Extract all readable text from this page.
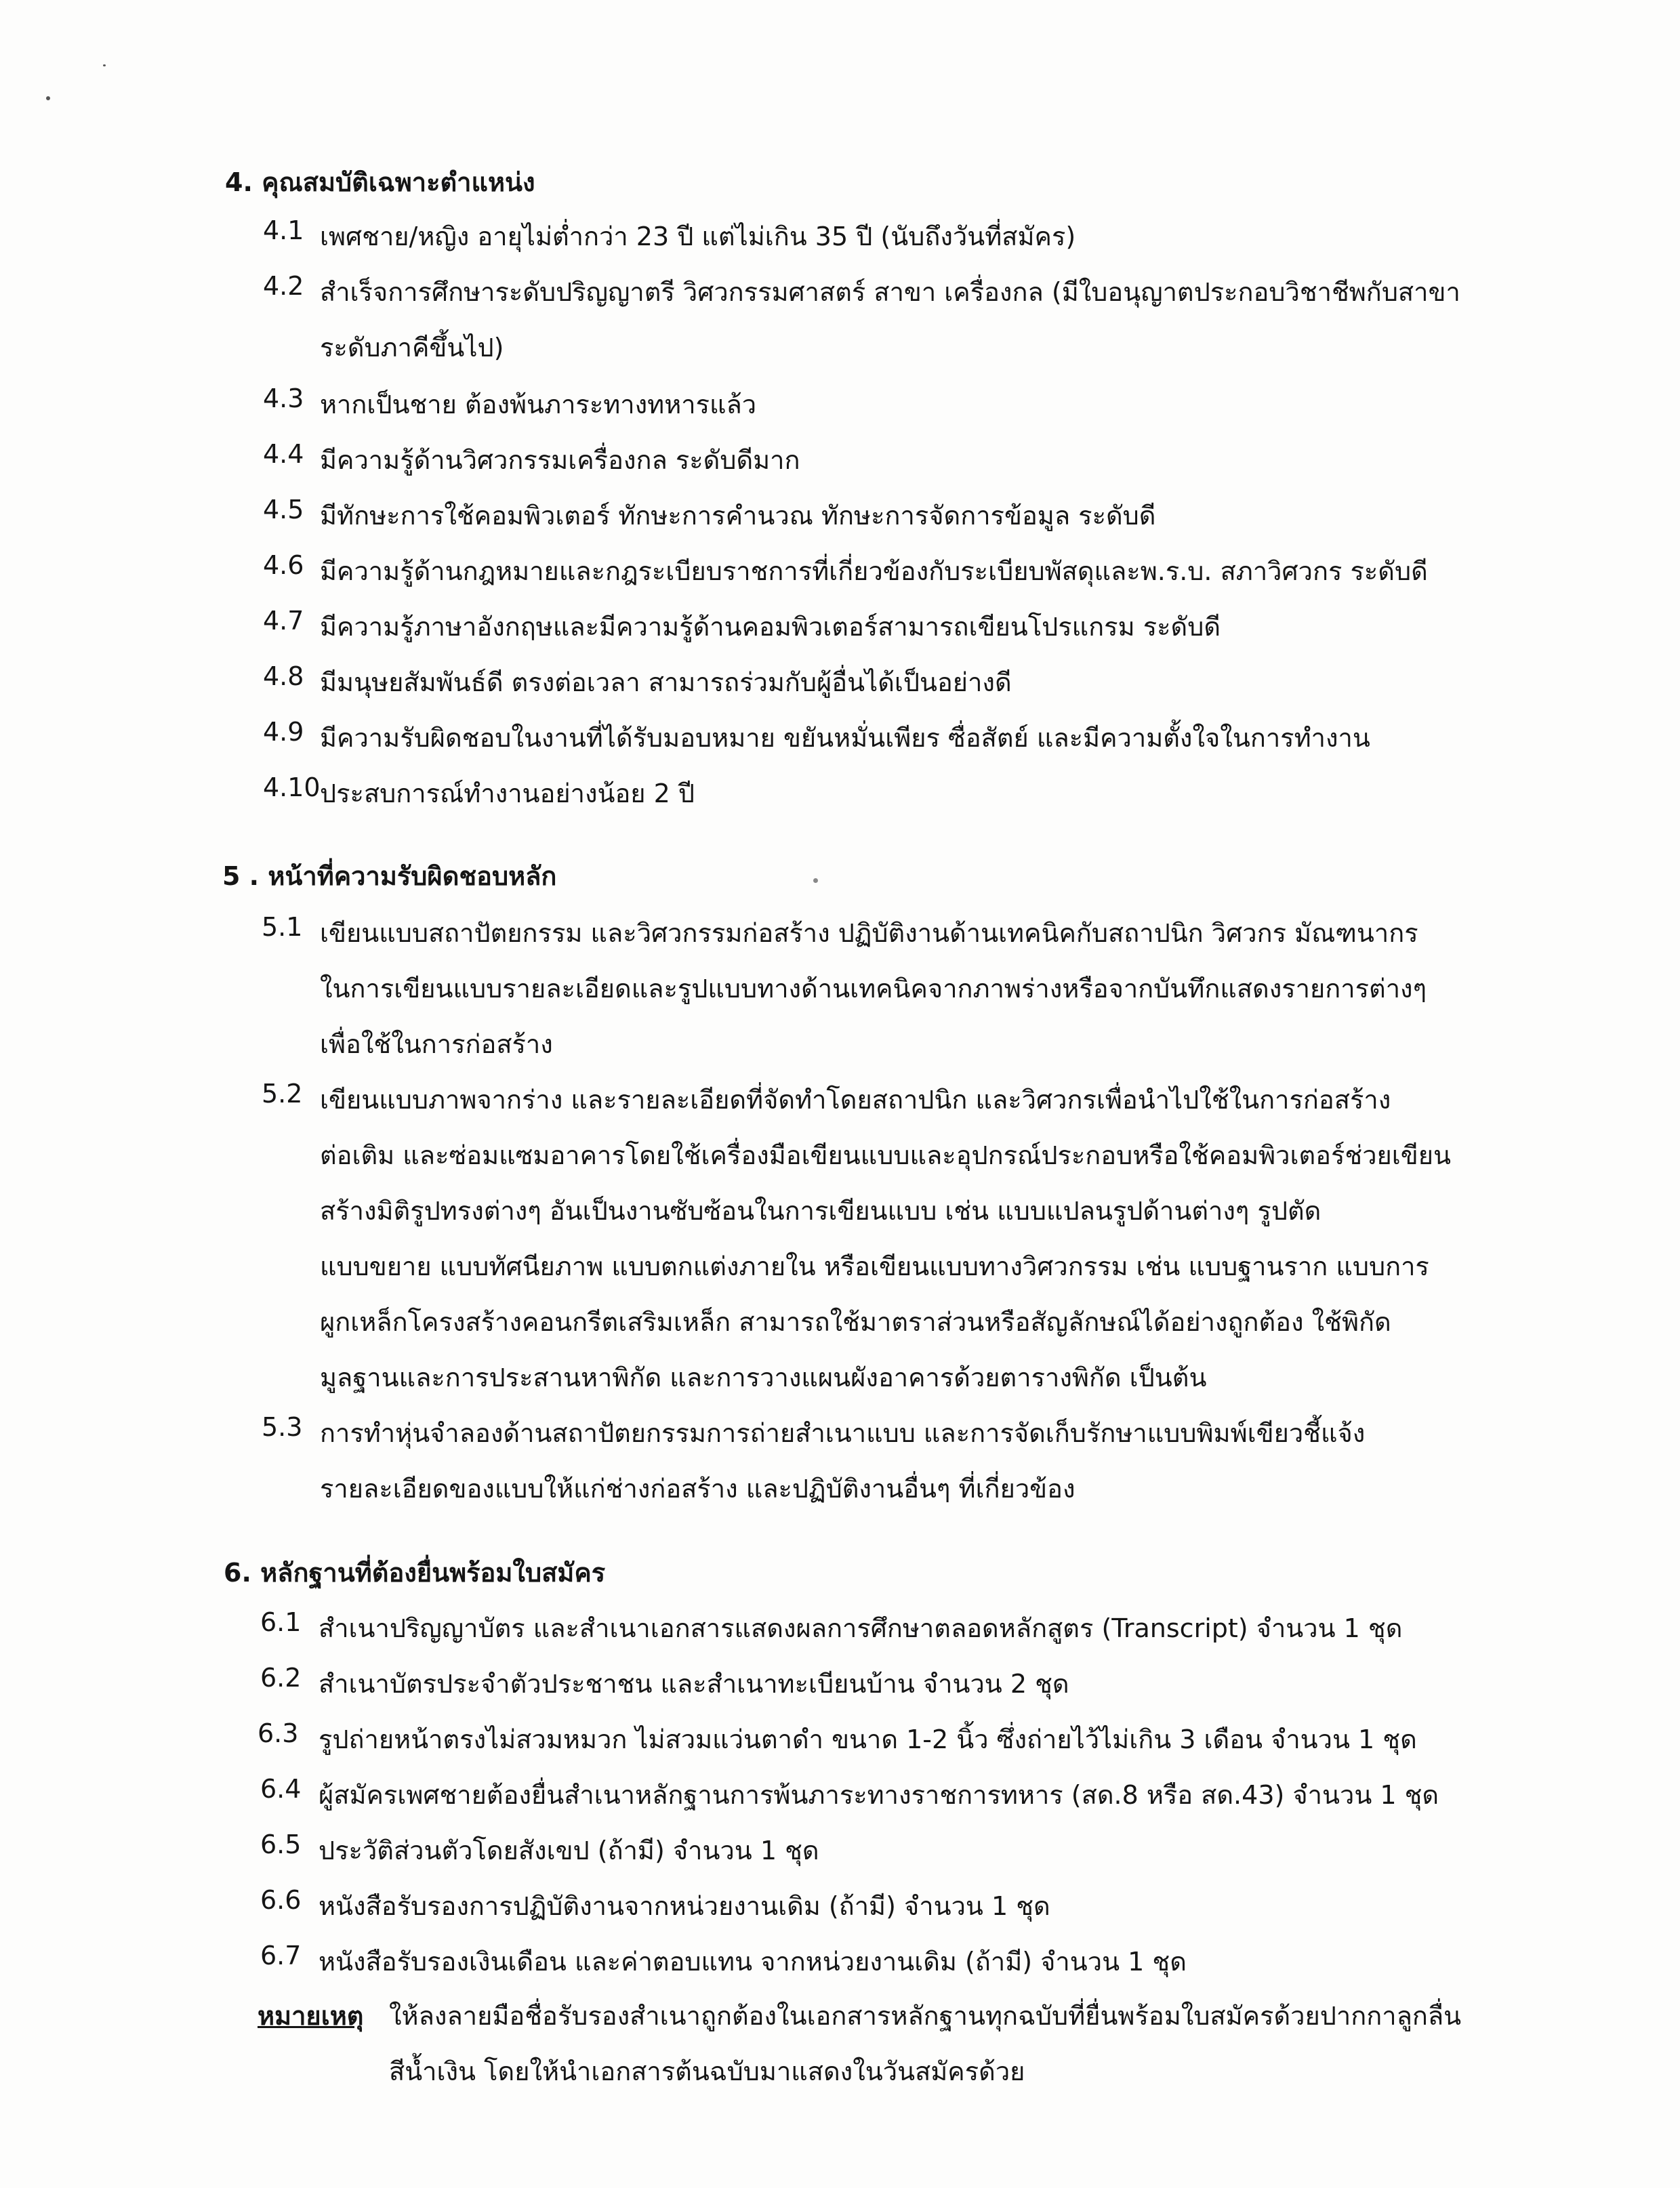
4. คุณสมบัติเฉพาะตำแหน่ง
4.1 เพศชาย/หญิง อายุไม่ต่ำกว่า 23 ปี แต่ไม่เกิน 35 ปี (นับถึงวันที่สมัคร)
4.2 สำเร็จการศึกษาระดับปริญญาตรี วิศวกรรมศาสตร์ สาขา เครื่องกล (มีใบอนุญาตประกอบวิชาชีพกับสาขา
ระดับภาคีขึ้นไป)
4.3 หากเป็นชาย ต้องพ้นภาระทางทหารแล้ว
4.4 มีความรู้ด้านวิศวกรรมเครื่องกล ระดับดีมาก
4.5 มีทักษะการใช้คอมพิวเตอร์ ทักษะการคำนวณ ทักษะการจัดการข้อมูล ระดับดี
4.6 มีความรู้ด้านกฎหมายและกฎระเบียบราชการที่เกี่ยวข้องกับระเบียบพัสดุและพ.ร.บ. สภาวิศวกร ระดับดี
4.7 มีความรู้ภาษาอังกฤษและมีความรู้ด้านคอมพิวเตอร์สามารถเขียนโปรแกรม ระดับดี
4.8 มีมนุษยสัมพันธ์ดี ตรงต่อเวลา สามารถร่วมกับผู้อื่นได้เป็นอย่างดี
4.9 มีความรับผิดชอบในงานที่ได้รับมอบหมาย ขยันหมั่นเพียร ซื่อสัตย์ และมีความตั้งใจในการทำงาน
4.10 ประสบการณ์ทำงานอย่างน้อย 2 ปี
5 . หน้าที่ความรับผิดชอบหลัก
5.1 เขียนแบบสถาปัตยกรรม และวิศวกรรมก่อสร้าง ปฏิบัติงานด้านเทคนิคกับสถาปนิก วิศวกร มัณฑนากร
ในการเขียนแบบรายละเอียดและรูปแบบทางด้านเทคนิคจากภาพร่างหรือจากบันทึกแสดงรายการต่างๆ
เพื่อใช้ในการก่อสร้าง
5.2 เขียนแบบภาพจากร่าง และรายละเอียดที่จัดทำโดยสถาปนิก และวิศวกรเพื่อนำไปใช้ในการก่อสร้าง
ต่อเติม และซ่อมแซมอาคารโดยใช้เครื่องมือเขียนแบบและอุปกรณ์ประกอบหรือใช้คอมพิวเตอร์ช่วยเขียน
สร้างมิติรูปทรงต่างๆ อันเป็นงานซับซ้อนในการเขียนแบบ เช่น แบบแปลนรูปด้านต่างๆ รูปตัด
แบบขยาย แบบทัศนียภาพ แบบตกแต่งภายใน หรือเขียนแบบทางวิศวกรรม เช่น แบบฐานราก แบบการ
ผูกเหล็กโครงสร้างคอนกรีตเสริมเหล็ก สามารถใช้มาตราส่วนหรือสัญลักษณ์ได้อย่างถูกต้อง ใช้พิกัด
มูลฐานและการประสานหาพิกัด และการวางแผนผังอาคารด้วยตารางพิกัด เป็นต้น
5.3 การทำหุ่นจำลองด้านสถาปัตยกรรมการถ่ายสำเนาแบบ และการจัดเก็บรักษาแบบพิมพ์เขียวชี้แจ้ง
รายละเอียดของแบบให้แก่ช่างก่อสร้าง และปฏิบัติงานอื่นๆ ที่เกี่ยวข้อง
6. หลักฐานที่ต้องยื่นพร้อมใบสมัคร
6.1 สำเนาปริญญาบัตร และสำเนาเอกสารแสดงผลการศึกษาตลอดหลักสูตร (Transcript) จำนวน 1 ชุด
6.2 สำเนาบัตรประจำตัวประชาชน และสำเนาทะเบียนบ้าน จำนวน 2 ชุด
6.3 รูปถ่ายหน้าตรงไม่สวมหมวก ไม่สวมแว่นตาดำ ขนาด 1-2 นิ้ว ซึ่งถ่ายไว้ไม่เกิน 3 เดือน จำนวน 1 ชุด
6.4 ผู้สมัครเพศชายต้องยื่นสำเนาหลักฐานการพ้นภาระทางราชการทหาร (สด.8 หรือ สด.43) จำนวน 1 ชุด
6.5 ประวัติส่วนตัวโดยสังเขป (ถ้ามี) จำนวน 1 ชุด
6.6 หนังสือรับรองการปฏิบัติงานจากหน่วยงานเดิม (ถ้ามี) จำนวน 1 ชุด
6.7 หนังสือรับรองเงินเดือน และค่าตอบแทน จากหน่วยงานเดิม (ถ้ามี) จำนวน 1 ชุด
หมายเหตุ ให้ลงลายมือชื่อรับรองสำเนาถูกต้องในเอกสารหลักฐานทุกฉบับที่ยื่นพร้อมใบสมัครด้วยปากกาลูกลื่น
สีน้ำเงิน โดยให้นำเอกสารต้นฉบับมาแสดงในวันสมัครด้วย
